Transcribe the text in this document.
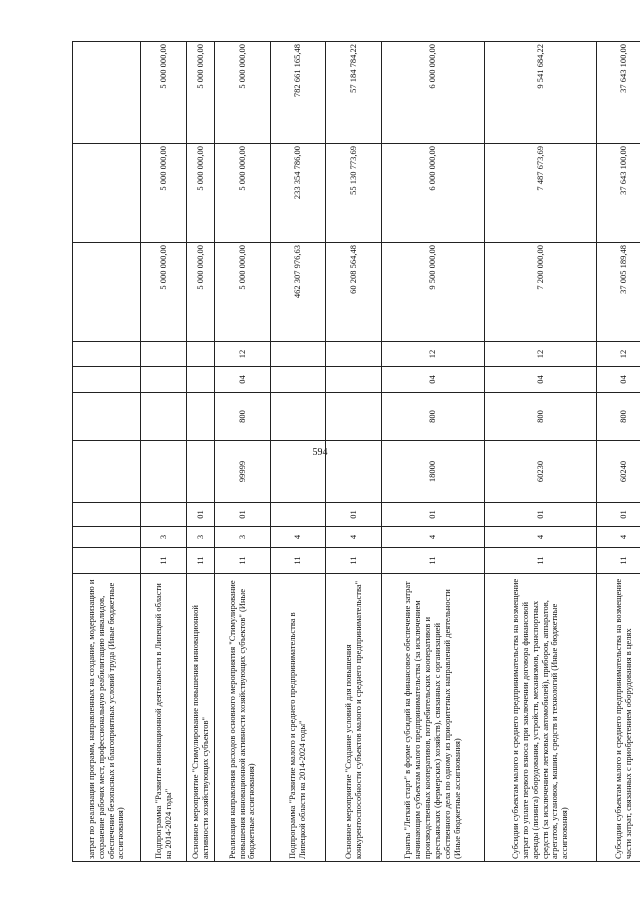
594
затрат по реализации программ, направленных на создание, модернизацию и сохранение рабочих мест, профессиональную реабилитацию инвалидов, обеспечение безопасных и благоприятных условий труда (Иные бюджетные ассигнования)										
Подпрограмма "Развитие инновационной деятельности в Липецкой области на 2014-2024 годы"	11	3						5 000 000,00	5 000 000,00	5 000 000,00
Основное мероприятие "Стимулирование повышения инновационной активности хозяйствующих субъектов"	11	3	01					5 000 000,00	5 000 000,00	5 000 000,00
Реализация направления расходов основного мероприятия "Стимулирование повышения инновационной активности хозяйствующих субъектов" (Иные бюджетные ассигнования)	11	3	01	99999	800	04	12	5 000 000,00	5 000 000,00	5 000 000,00
Подпрограмма "Развитие малого и среднего предпринимательства в Липецкой области на 2014-2024 годы"	11	4						462 307 976,63	233 354 786,00	782 661 165,48
Основное мероприятие "Создание условий для повышения конкурентоспособности субъектов малого и среднего предпринимательства"	11	4	01					60 208 564,48	55 130 773,69	57 184 784,22
Гранты "Легкий старт" в форме субсидий на финансовое обеспечение затрат начинающим субъектам малого предпринимательства (за исключением производственных кооперативов, потребительских кооперативов и крестьянских (фермерских) хозяйств), связанных с организацией собственного дела по одному из приоритетных направлений деятельности (Иные бюджетные ассигнования)	11	4	01	18000	800	04	12	9 500 000,00	6 000 000,00	6 000 000,00
Субсидии субъектам малого и среднего предпринимательства на возмещение затрат по уплате первого взноса при заключении договора финансовой аренды (лизинга) оборудования, устройств, механизмов, транспортных средств (за исключением легковых автомобилей), приборов, аппаратов, агрегатов, установок, машин, средств и технологий (Иные бюджетные ассигнования)	11	4	01	60230	800	04	12	7 200 000,00	7 487 673,69	9 541 684,22
Субсидии субъектам малого и среднего предпринимательства на возмещение части затрат, связанных с приобретением оборудования в целях	11	4	01	60240	800	04	12	37 005 189,48	37 643 100,00	37 643 100,00
